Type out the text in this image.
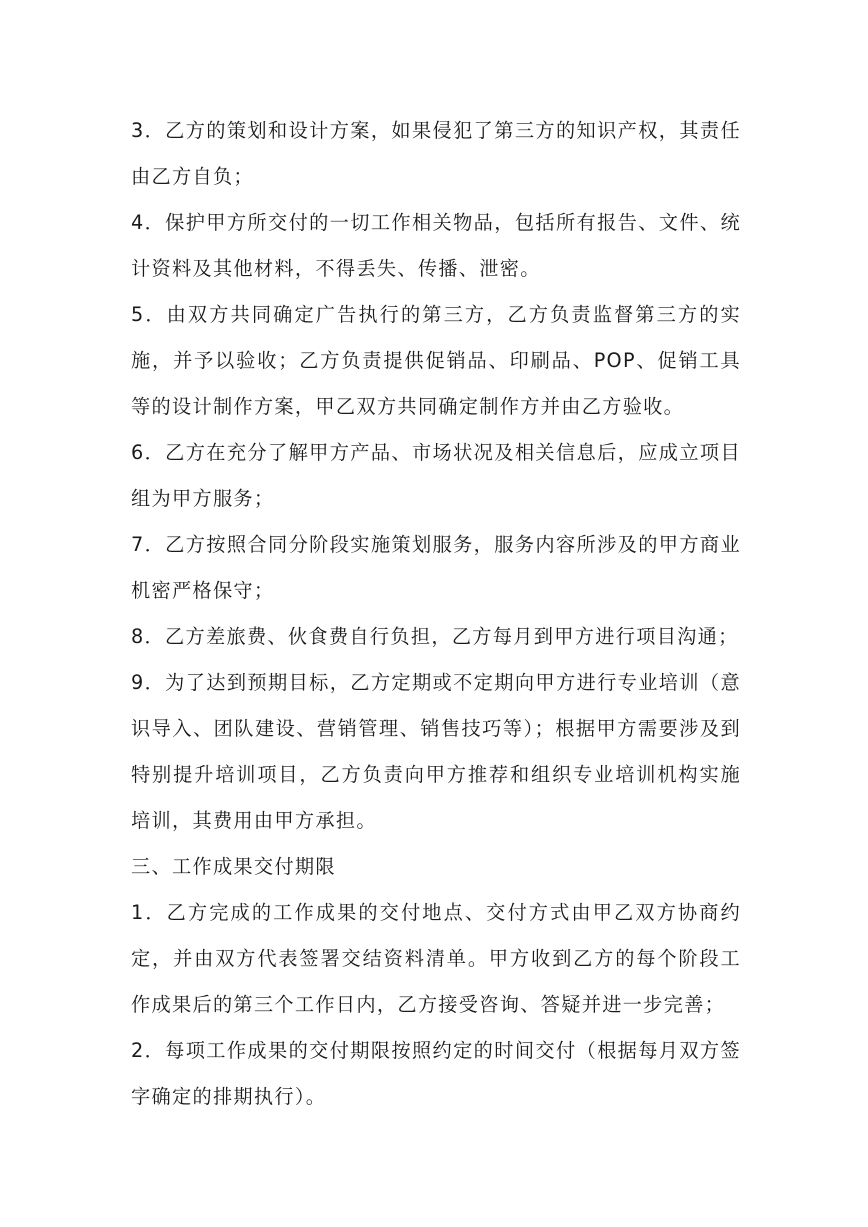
3．乙方的策划和设计方案，如果侵犯了第三方的知识产权，其责任由乙方自负；

4．保护甲方所交付的一切工作相关物品，包括所有报告、文件、统计资料及其他材料，不得丢失、传播、泄密。

5．由双方共同确定广告执行的第三方，乙方负责监督第三方的实施，并予以验收；乙方负责提供促销品、印刷品、POP、促销工具等的设计制作方案，甲乙双方共同确定制作方并由乙方验收。

6．乙方在充分了解甲方产品、市场状况及相关信息后，应成立项目组为甲方服务；

7．乙方按照合同分阶段实施策划服务，服务内容所涉及的甲方商业机密严格保守；

8．乙方差旅费、伙食费自行负担，乙方每月到甲方进行项目沟通；

9．为了达到预期目标，乙方定期或不定期向甲方进行专业培训（意识导入、团队建设、营销管理、销售技巧等）；根据甲方需要涉及到特别提升培训项目，乙方负责向甲方推荐和组织专业培训机构实施培训，其费用由甲方承担。

三、工作成果交付期限

1．乙方完成的工作成果的交付地点、交付方式由甲乙双方协商约定，并由双方代表签署交结资料清单。甲方收到乙方的每个阶段工作成果后的第三个工作日内，乙方接受咨询、答疑并进一步完善；

2．每项工作成果的交付期限按照约定的时间交付（根据每月双方签字确定的排期执行）。
